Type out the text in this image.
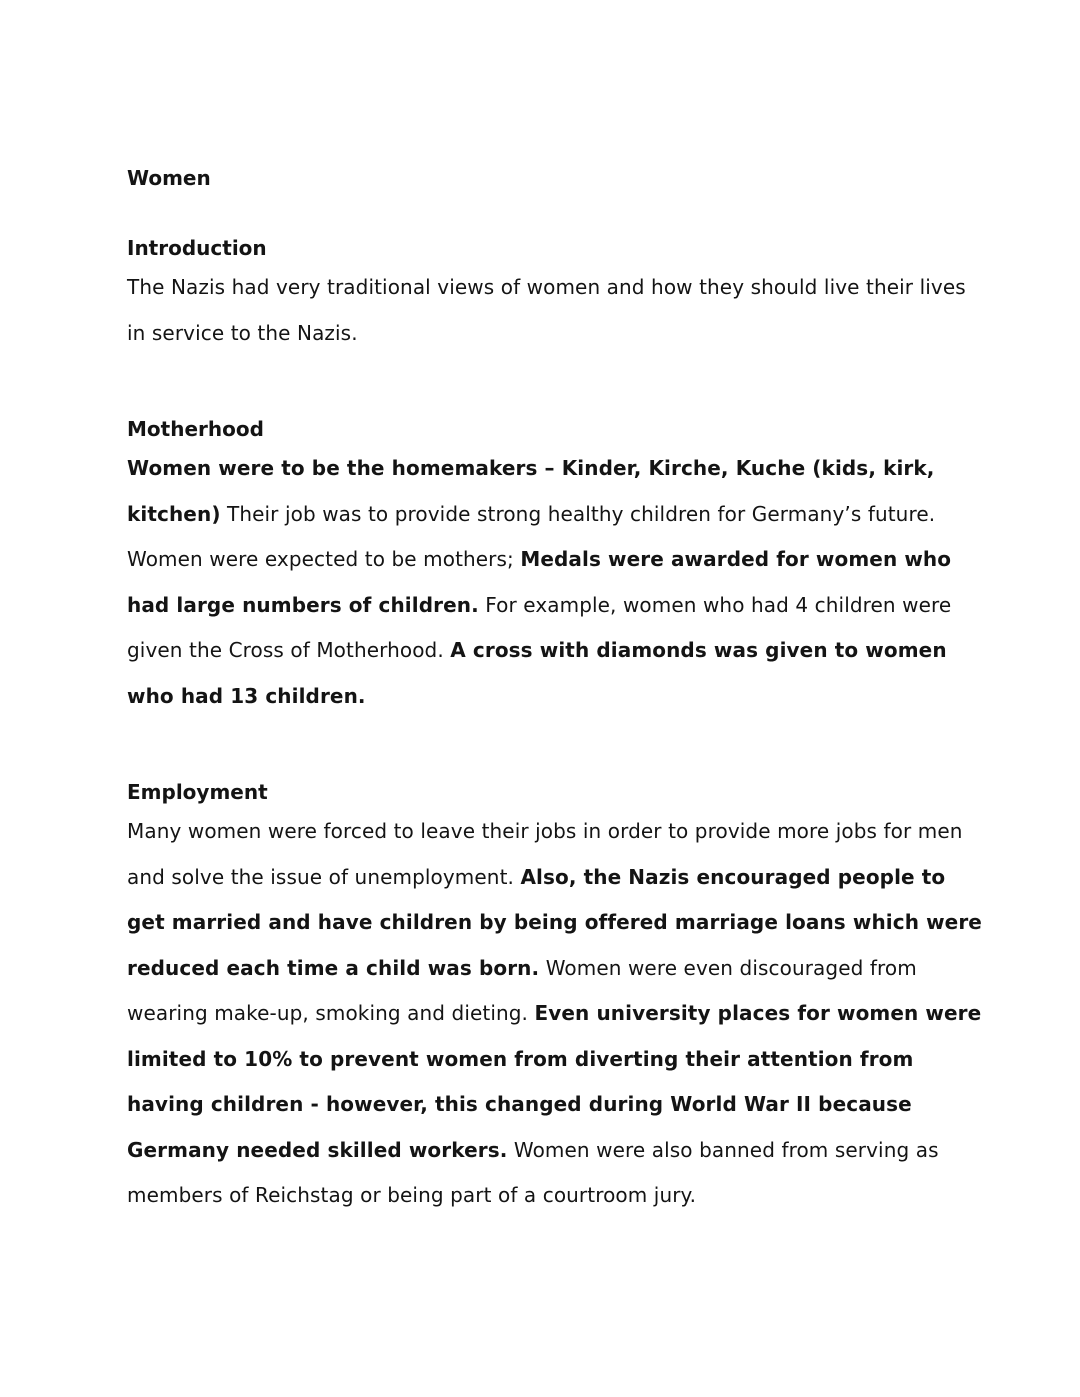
Women
Introduction

The Nazis had very traditional views of women and how they should live their lives in service to the Nazis.

Motherhood

Women were to be the homemakers – Kinder, Kirche, Kuche (kids, kirk, kitchen) Their job was to provide strong healthy children for Germany’s future. Women were expected to be mothers; Medals were awarded for women who had large numbers of children. For example, women who had 4 children were given the Cross of Motherhood. A cross with diamonds was given to women who had 13 children.

Employment

Many women were forced to leave their jobs in order to provide more jobs for men and solve the issue of unemployment. Also, the Nazis encouraged people to get married and have children by being offered marriage loans which were reduced each time a child was born. Women were even discouraged from wearing make-up, smoking and dieting. Even university places for women were limited to 10% to prevent women from diverting their attention from having children - however, this changed during World War II because Germany needed skilled workers. Women were also banned from serving as members of Reichstag or being part of a courtroom jury.
